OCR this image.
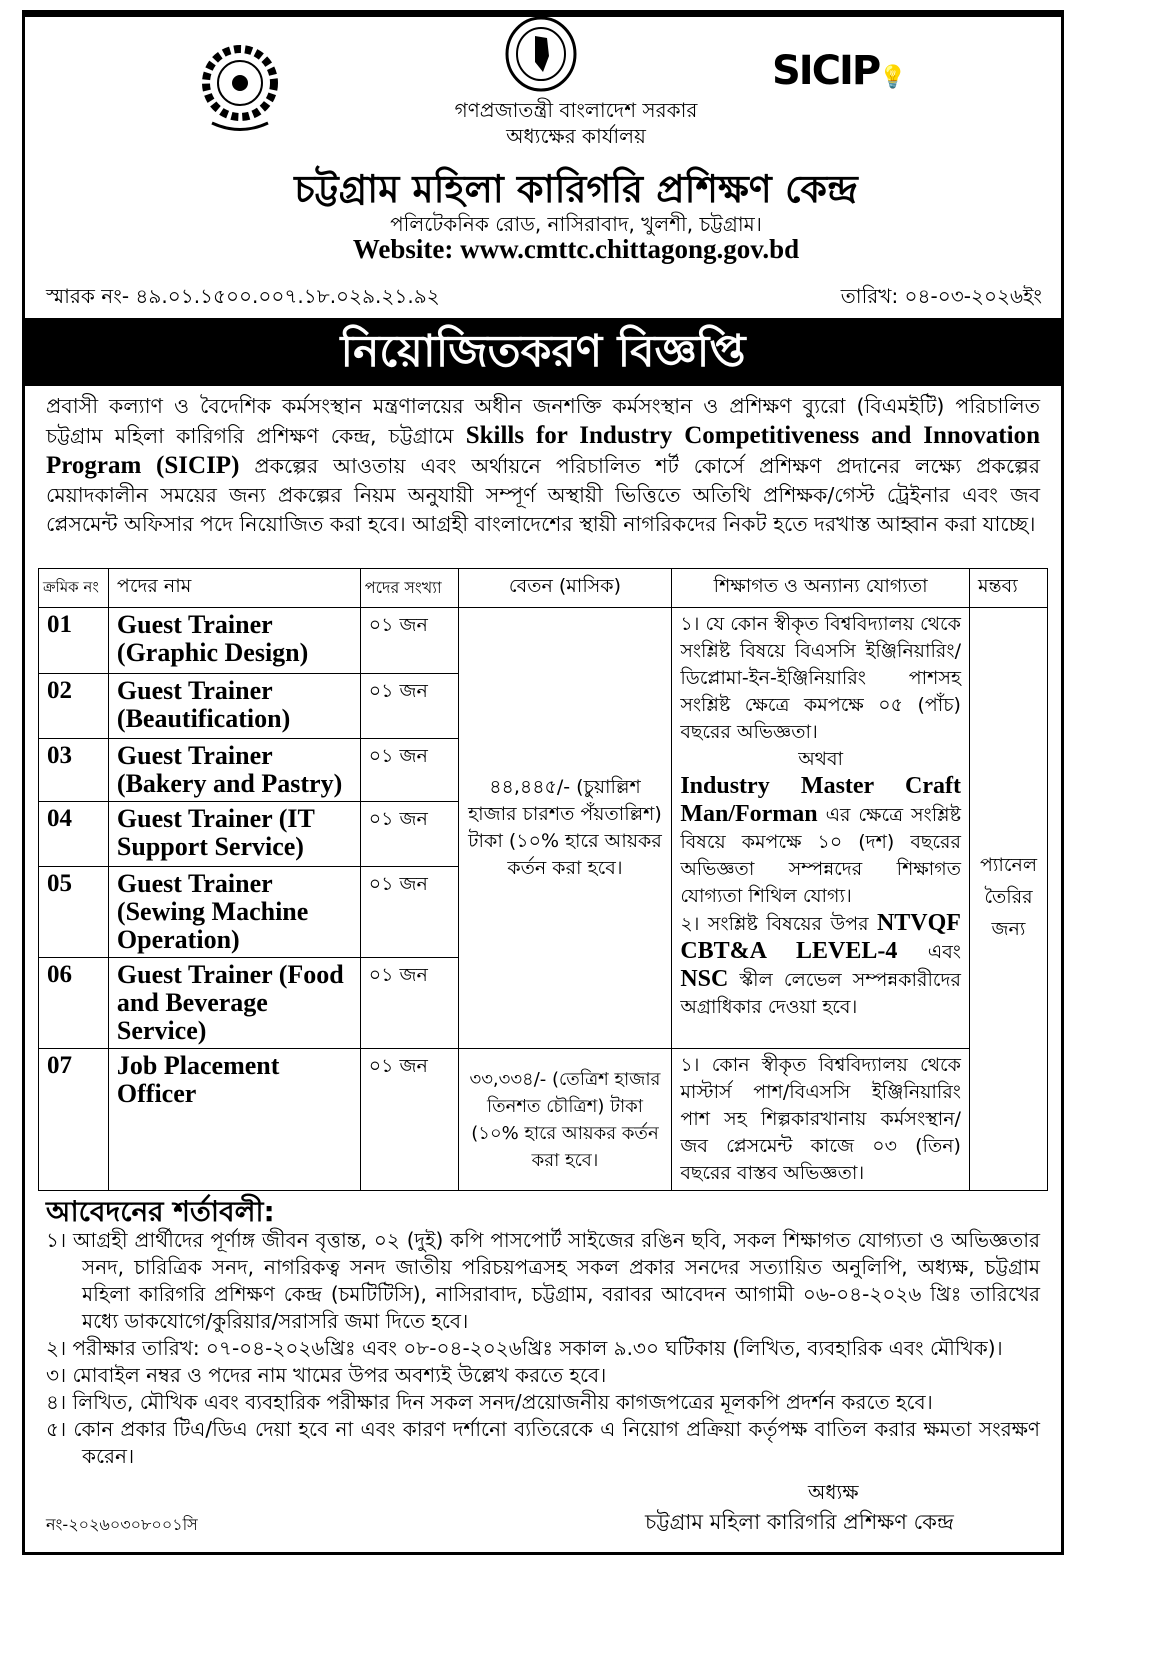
SICIP💡
গণপ্রজাতন্ত্রী বাংলাদেশ সরকার
অধ্যক্ষের কার্যালয়
চট্টগ্রাম মহিলা কারিগরি প্রশিক্ষণ কেন্দ্র
পলিটেকনিক রোড, নাসিরাবাদ, খুলশী, চট্টগ্রাম।
Website: www.cmttc.chittagong.gov.bd
স্মারক নং- ৪৯.০১.১৫০০.০০৭.১৮.০২৯.২১.৯২	তারিখ: ০৪-০৩-২০২৬ইং
নিয়োজিতকরণ বিজ্ঞপ্তি
প্রবাসী কল্যাণ ও বৈদেশিক কর্মসংস্থান মন্ত্রণালয়ের অধীন জনশক্তি কর্মসংস্থান ও প্রশিক্ষণ ব্যুরো (বিএমইটি) পরিচালিত চট্টগ্রাম মহিলা কারিগরি প্রশিক্ষণ কেন্দ্র, চট্টগ্রামে Skills for Industry Competitiveness and Innovation Program (SICIP) প্রকল্পের আওতায় এবং অর্থায়নে পরিচালিত শর্ট কোর্সে প্রশিক্ষণ প্রদানের লক্ষ্যে প্রকল্পের মেয়াদকালীন সময়ের জন্য প্রকল্পের নিয়ম অনুযায়ী সম্পূর্ণ অস্থায়ী ভিত্তিতে অতিথি প্রশিক্ষক/গেস্ট ট্রেইনার এবং জব প্লেসমেন্ট অফিসার পদে নিয়োজিত করা হবে। আগ্রহী বাংলাদেশের স্থায়ী নাগরিকদের নিকট হতে দরখাস্ত আহ্বান করা যাচ্ছে।
ক্রমিক নং	পদের নাম	পদের সংখ্যা	বেতন (মাসিক)	শিক্ষাগত ও অন্যান্য যোগ্যতা	মন্তব্য
01	Guest Trainer (Graphic Design)	০১ জন	৪৪,৪৪৫/- (চুয়াল্লিশ হাজার চারশত পঁয়তাল্লিশ) টাকা (১০% হারে আয়কর কর্তন করা হবে।	১। যে কোন স্বীকৃত বিশ্ববিদ্যালয় থেকে সংশ্লিষ্ট বিষয়ে বিএসসি ইঞ্জিনিয়ারিং/ ডিপ্লোমা-ইন-ইঞ্জিনিয়ারিং পাশসহ সংশ্লিষ্ট ক্ষেত্রে কমপক্ষে ০৫ (পাঁচ) বছরের অভিজ্ঞতা।
অথবা
Industry Master Craft Man/Forman এর ক্ষেত্রে সংশ্লিষ্ট বিষয়ে কমপক্ষে ১০ (দশ) বছরের অভিজ্ঞতা সম্পন্নদের শিক্ষাগত যোগ্যতা শিথিল যোগ্য।
২। সংশ্লিষ্ট বিষয়ের উপর NTVQF CBT&A LEVEL-4 এবং NSC স্কীল লেভেল সম্পন্নকারীদের অগ্রাধিকার দেওয়া হবে।	প্যানেল তৈরির জন্য
02	Guest Trainer (Beautification)	০১ জন			
03	Guest Trainer (Bakery and Pastry)	০১ জন			
04	Guest Trainer (IT Support Service)	০১ জন			
05	Guest Trainer (Sewing Machine Operation)	০১ জন			
06	Guest Trainer (Food and Beverage Service)	০১ জন			
07	Job Placement Officer	০১ জন	৩৩,৩৩৪/- (তেত্রিশ হাজার তিনশত চৌত্রিশ) টাকা (১০% হারে আয়কর কর্তন করা হবে।	১। কোন স্বীকৃত বিশ্ববিদ্যালয় থেকে মাস্টার্স পাশ/বিএসসি ইঞ্জিনিয়ারিং পাশ সহ শিল্পকারখানায় কর্মসংস্থান/ জব প্লেসমেন্ট কাজে ০৩ (তিন) বছরের বাস্তব অভিজ্ঞতা।	
আবেদনের শর্তাবলী:
১। আগ্রহী প্রার্থীদের পূর্ণাঙ্গ জীবন বৃত্তান্ত, ০২ (দুই) কপি পাসপোর্ট সাইজের রঙিন ছবি, সকল শিক্ষাগত যোগ্যতা ও অভিজ্ঞতার সনদ, চারিত্রিক সনদ, নাগরিকত্ব সনদ জাতীয় পরিচয়পত্রসহ সকল প্রকার সনদের সত্যায়িত অনুলিপি, অধ্যক্ষ, চট্টগ্রাম মহিলা কারিগরি প্রশিক্ষণ কেন্দ্র (চমটিটিসি), নাসিরাবাদ, চট্টগ্রাম, বরাবর আবেদন আগামী ০৬-০৪-২০২৬ খ্রিঃ তারিখের মধ্যে ডাকযোগে/কুরিয়ার/সরাসরি জমা দিতে হবে।
২। পরীক্ষার তারিখ: ০৭-০৪-২০২৬খ্রিঃ এবং ০৮-০৪-২০২৬খ্রিঃ সকাল ৯.৩০ ঘটিকায় (লিখিত, ব্যবহারিক এবং মৌখিক)।
৩। মোবাইল নম্বর ও পদের নাম খামের উপর অবশ্যই উল্লেখ করতে হবে।
৪। লিখিত, মৌখিক এবং ব্যবহারিক পরীক্ষার দিন সকল সনদ/প্রয়োজনীয় কাগজপত্রের মূলকপি প্রদর্শন করতে হবে।
৫। কোন প্রকার টিএ/ডিএ দেয়া হবে না এবং কারণ দর্শানো ব্যতিরেকে এ নিয়োগ প্রক্রিয়া কর্তৃপক্ষ বাতিল করার ক্ষমতা সংরক্ষণ করেন।
অধ্যক্ষ
চট্টগ্রাম মহিলা কারিগরি প্রশিক্ষণ কেন্দ্র
নং-২০২৬০৩০৮০০১সি
